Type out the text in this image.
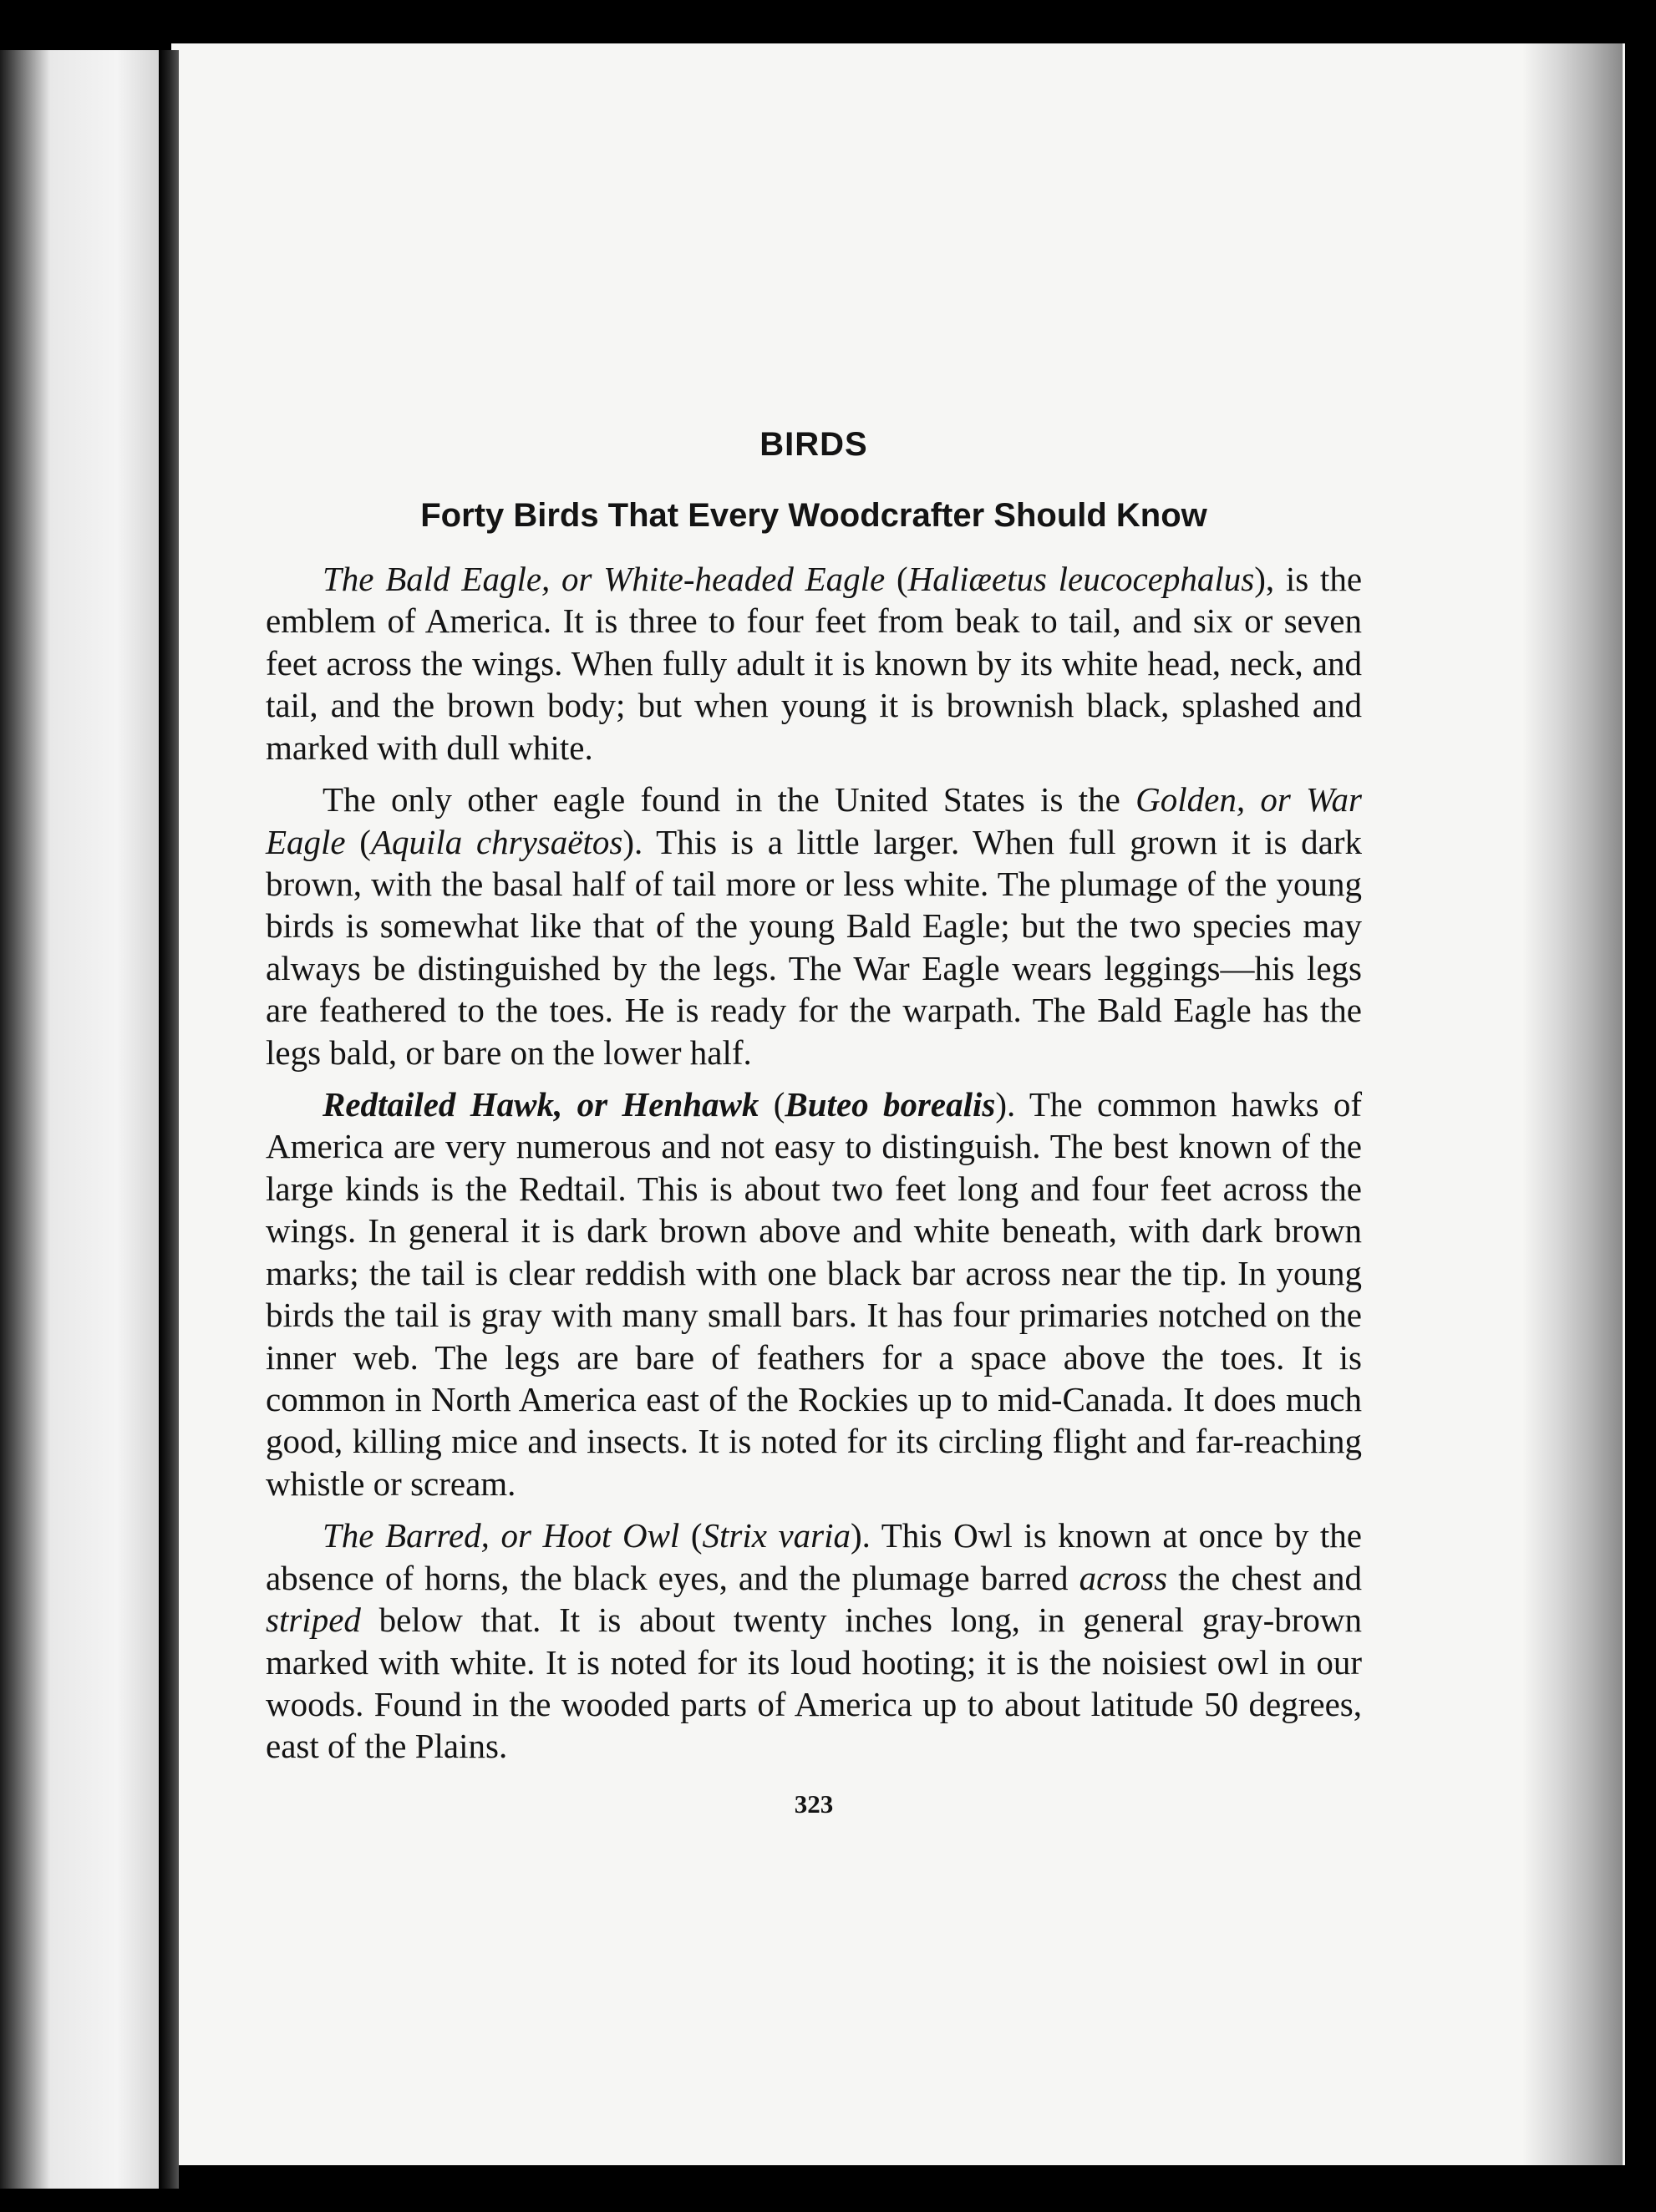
BIRDS
Forty Birds That Every Woodcrafter Should Know

The Bald Eagle, or White-headed Eagle (Haliæetus leucocephalus), is the emblem of America. It is three to four feet from beak to tail, and six or seven feet across the wings. When fully adult it is known by its white head, neck, and tail, and the brown body; but when young it is brownish black, splashed and marked with dull white.

The only other eagle found in the United States is the Golden, or War Eagle (Aquila chrysaëtos). This is a little larger. When full grown it is dark brown, with the basal half of tail more or less white. The plumage of the young birds is somewhat like that of the young Bald Eagle; but the two species may always be distinguished by the legs. The War Eagle wears leggings—his legs are feathered to the toes. He is ready for the warpath. The Bald Eagle has the legs bald, or bare on the lower half.

Redtailed Hawk, or Henhawk (Buteo borealis). The common hawks of America are very numerous and not easy to distinguish. The best known of the large kinds is the Redtail. This is about two feet long and four feet across the wings. In general it is dark brown above and white beneath, with dark brown marks; the tail is clear reddish with one black bar across near the tip. In young birds the tail is gray with many small bars. It has four primaries notched on the inner web. The legs are bare of feathers for a space above the toes. It is common in North America east of the Rockies up to mid-Canada. It does much good, killing mice and insects. It is noted for its circling flight and far-reaching whistle or scream.

The Barred, or Hoot Owl (Strix varia). This Owl is known at once by the absence of horns, the black eyes, and the plumage barred across the chest and striped below that. It is about twenty inches long, in general gray-brown marked with white. It is noted for its loud hooting; it is the noisiest owl in our woods. Found in the wooded parts of America up to about latitude 50 degrees, east of the Plains.

323
